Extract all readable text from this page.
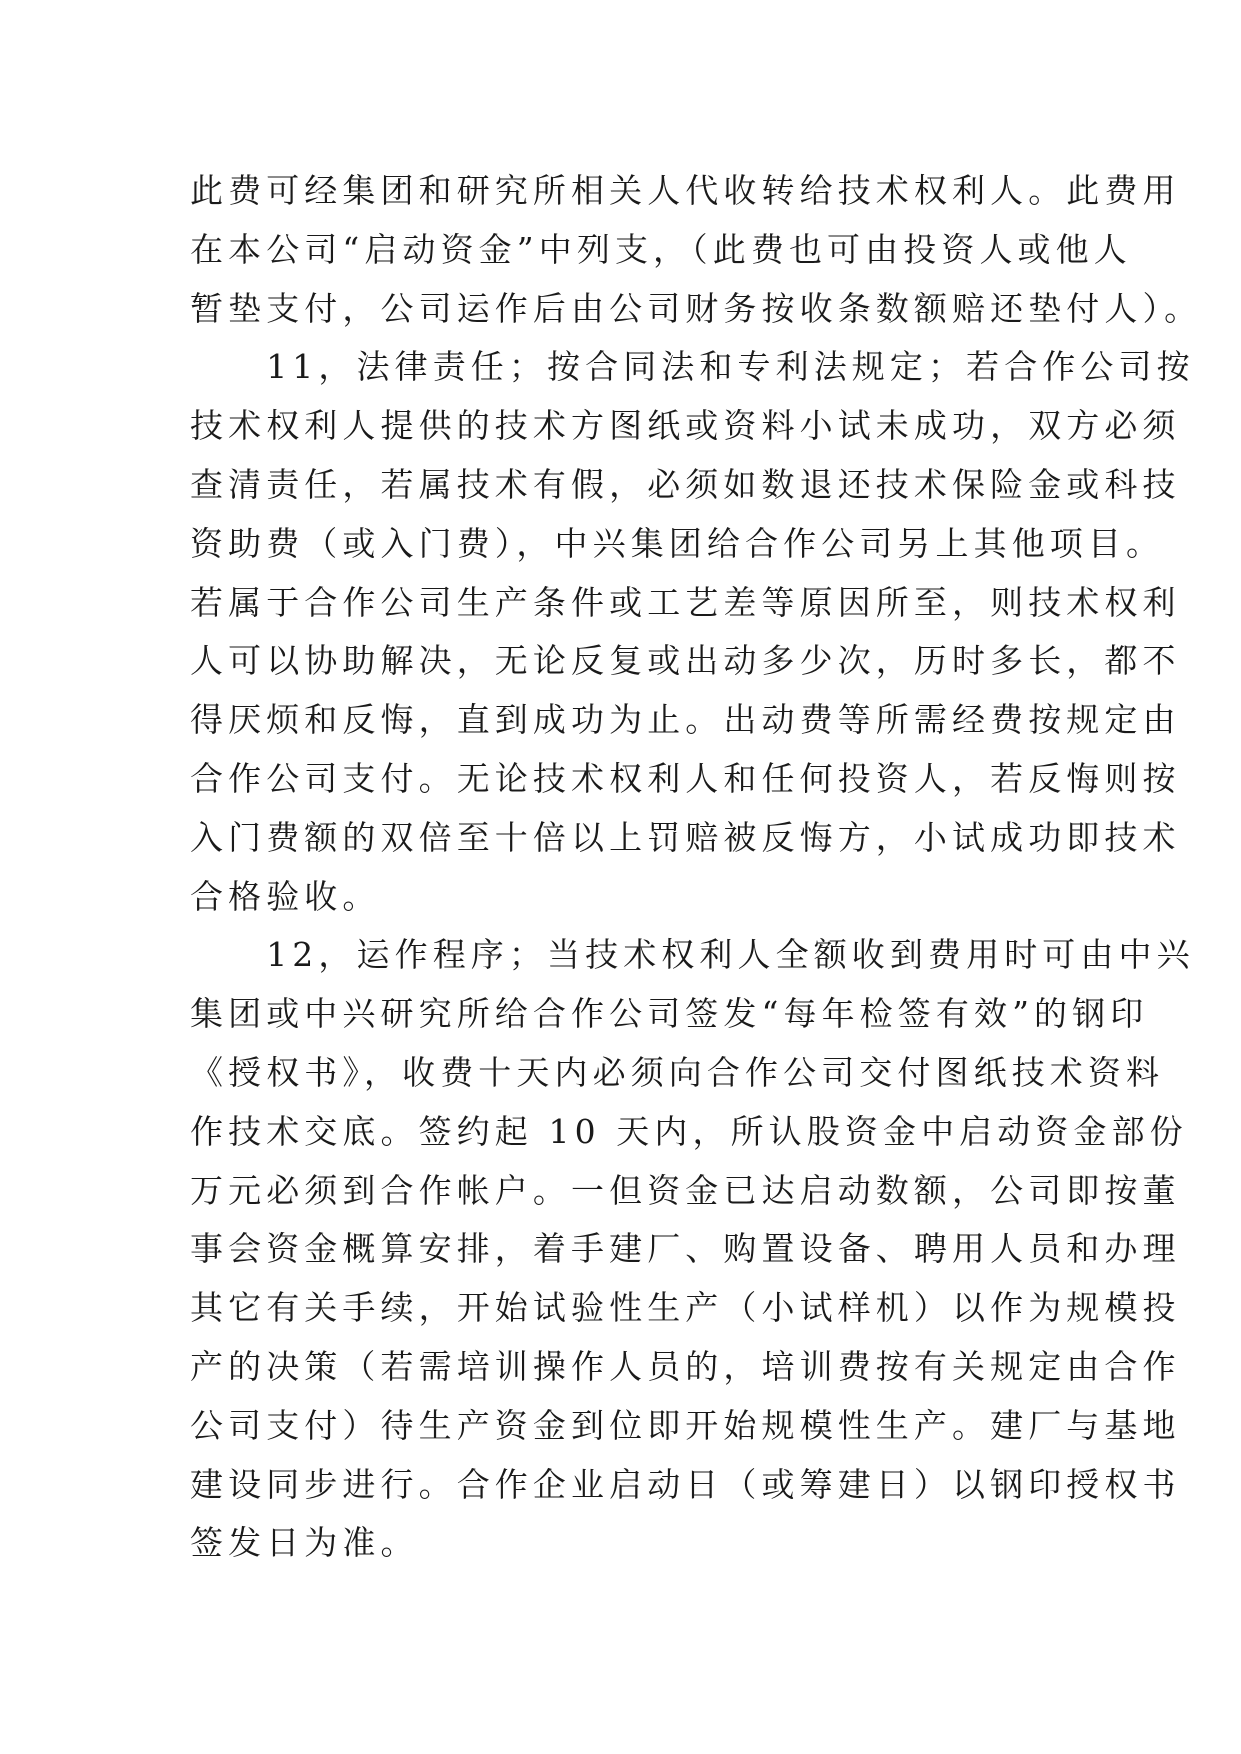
此费可经集团和研究所相关人代收转给技术权利人。此费用
在本公司“启动资金”中列支，（此费也可由投资人或他人
暂垫支付，公司运作后由公司财务按收条数额赔还垫付人）。
　　11，法律责任；按合同法和专利法规定；若合作公司按
技术权利人提供的技术方图纸或资料小试未成功，双方必须
查清责任，若属技术有假，必须如数退还技术保险金或科技
资助费（或入门费），中兴集团给合作公司另上其他项目。
若属于合作公司生产条件或工艺差等原因所至，则技术权利
人可以协助解决，无论反复或出动多少次，历时多长，都不
得厌烦和反悔，直到成功为止。出动费等所需经费按规定由
合作公司支付。无论技术权利人和任何投资人，若反悔则按
入门费额的双倍至十倍以上罚赔被反悔方，小试成功即技术
合格验收。
　　12，运作程序；当技术权利人全额收到费用时可由中兴
集团或中兴研究所给合作公司签发“每年检签有效”的钢印
《授权书》，收费十天内必须向合作公司交付图纸技术资料
作技术交底。签约起 10 天内，所认股资金中启动资金部份
万元必须到合作帐户。一但资金已达启动数额，公司即按董
事会资金概算安排，着手建厂、购置设备、聘用人员和办理
其它有关手续，开始试验性生产（小试样机）以作为规模投
产的决策（若需培训操作人员的，培训费按有关规定由合作
公司支付）待生产资金到位即开始规模性生产。建厂与基地
建设同步进行。合作企业启动日（或筹建日）以钢印授权书
签发日为准。
